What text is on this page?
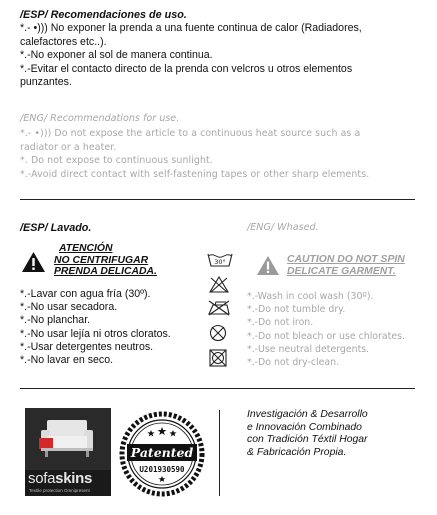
/ESP/ Recomendaciones de uso.
*.- •))) No exponer la prenda a una fuente continua de calor (Radiadores,
calefactores etc..).
*.-No exponer al sol de manera continua.
*.-Evitar el contacto directo de la prenda con velcros u otros elementos
punzantes.
/ENG/ Recommendations for use.
*.- •))) Do not expose the article to a continuous heat source such as a
radiator or a heater.
*. Do not expose to continuous sunlight.
*.-Avoid direct contact with self-fastening tapes or other sharp elements.
/ESP/ Lavado.	/ENG/ Whased.
ATENCIÓN
NO CENTRIFUGAR
PRENDA DELICADA.
CAUTION DO NOT SPIN
DELICATE GARMENT.
30°
*.-Lavar con agua fría (30º).
*.-No usar secadora.
*.-No planchar.
*.-No usar lejía ni otros cloratos.
*.-Usar detergentes neutros.
*.-No lavar en seco.
*.-Wash in cool wash (30º).
*.-Do not tumble dry.
*.-Do not iron.
*.-Do not bleach or use chlorates.
*.-Use neutral detergents.
*.-Do not dry-clean.
sofaskins
Textile protection Omnipresent
Patented
U201930590
Investigación & Desarrollo
e Innovación Combinado
con Tradición Téxtil Hogar
& Fabricación Propia.
